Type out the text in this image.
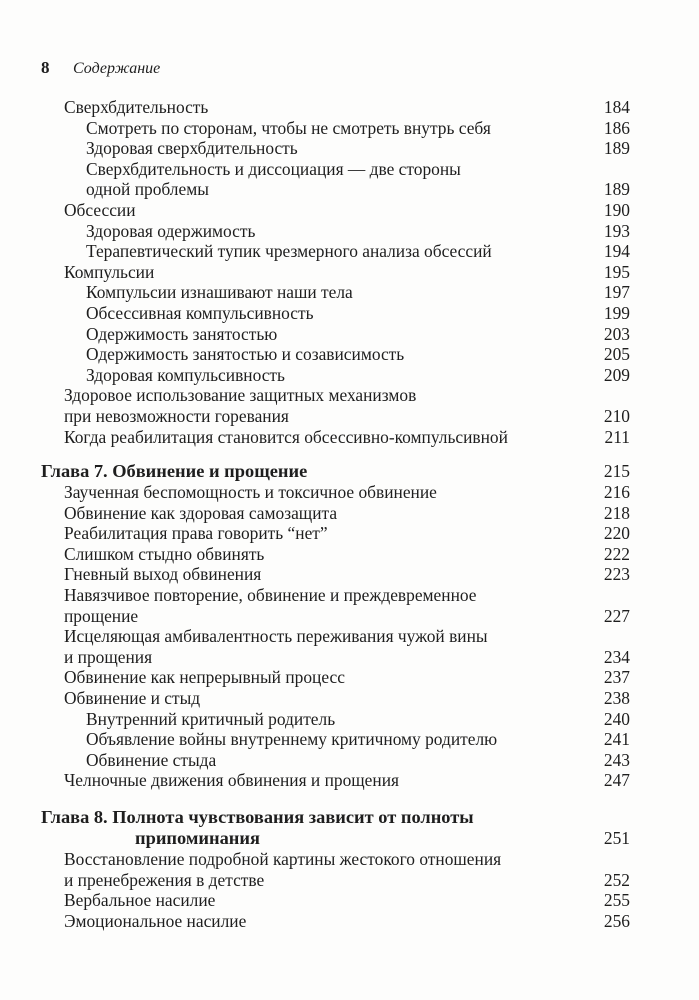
8	Содержание
Сверхбдительность	184
Смотреть по сторонам, чтобы не смотреть внутрь себя	186
Здоровая сверхбдительность	189
Сверхбдительность и диссоциация — две стороны
одной проблемы	189
Обсессии	190
Здоровая одержимость	193
Терапевтический тупик чрезмерного анализа обсессий	194
Компульсии	195
Компульсии изнашивают наши тела	197
Обсессивная компульсивность	199
Одержимость занятостью	203
Одержимость занятостью и созависимость	205
Здоровая компульсивность	209
Здоровое использование защитных механизмов
при невозможности горевания	210
Когда реабилитация становится обсессивно-компульсивной	211
Глава 7. Обвинение и прощение	215
Заученная беспомощность и токсичное обвинение	216
Обвинение как здоровая самозащита	218
Реабилитация права говорить “нет”	220
Слишком стыдно обвинять	222
Гневный выход обвинения	223
Навязчивое повторение, обвинение и преждевременное
прощение	227
Исцеляющая амбивалентность переживания чужой вины
и прощения	234
Обвинение как непрерывный процесс	237
Обвинение и стыд	238
Внутренний критичный родитель	240
Объявление войны внутреннему критичному родителю	241
Обвинение стыда	243
Челночные движения обвинения и прощения	247
Глава 8. Полнота чувствования зависит от полноты
припоминания	251
Восстановление подробной картины жестокого отношения
и пренебрежения в детстве	252
Вербальное насилие	255
Эмоциональное насилие	256
